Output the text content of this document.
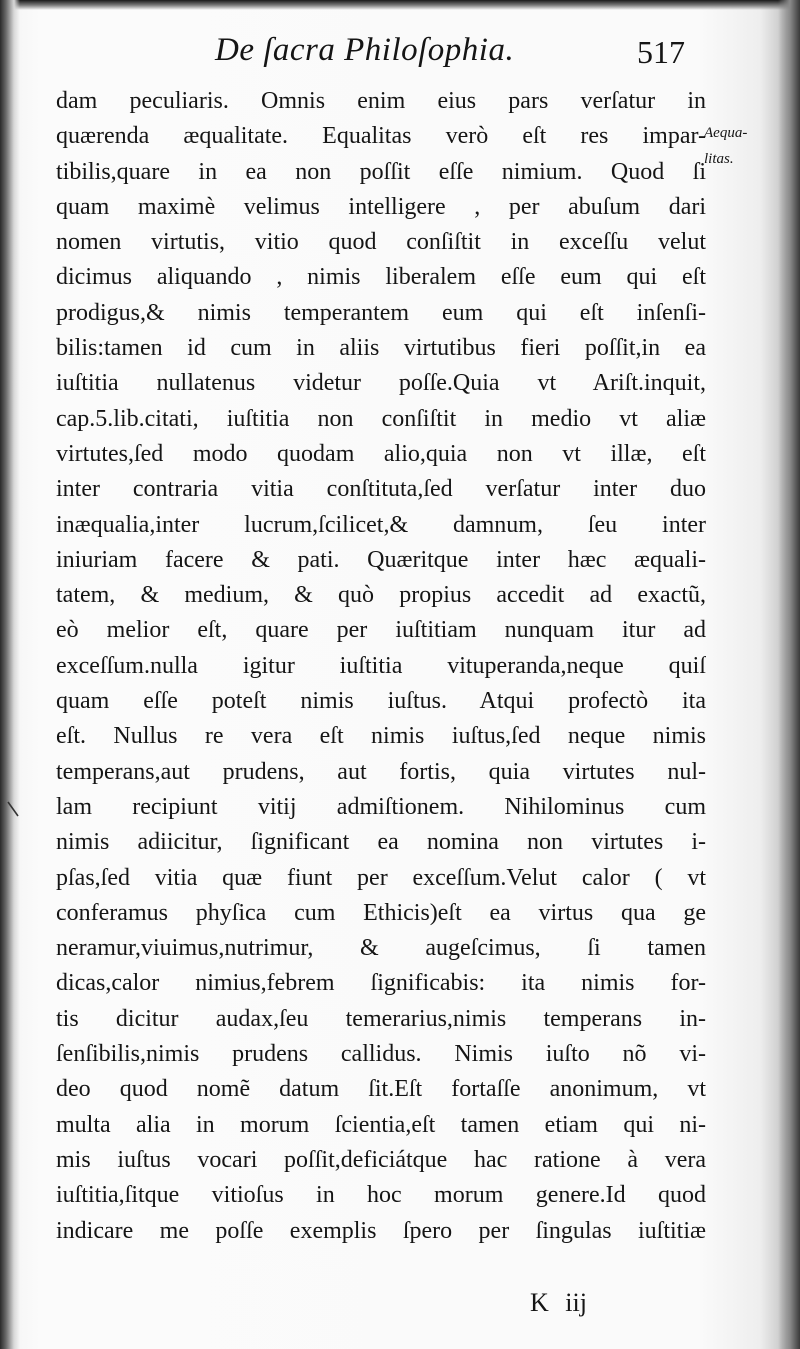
De ſacra Philoſophia.	517
Aequa-
litas.
dam peculiaris. Omnis enim eius pars verſatur in
quærenda æqualitate. Equalitas verò eſt res impar-
tibilis,quare in ea non poſſit eſſe nimium. Quod ſi
quam maximè velimus intelligere , per abuſum dari
nomen virtutis, vitio quod conſiſtit in exceſſu velut
dicimus aliquando , nimis liberalem eſſe eum qui eſt
prodigus,& nimis temperantem eum qui eſt inſenſi-
bilis:tamen id cum in aliis virtutibus fieri poſſit,in ea
iuſtitia nullatenus videtur poſſe.Quia vt Ariſt.inquit,
cap.5.lib.citati, iuſtitia non conſiſtit in medio vt aliæ
virtutes,ſed modo quodam alio,quia non vt illæ, eſt
inter contraria vitia conſtituta,ſed verſatur inter duo
inæqualia,inter lucrum,ſcilicet,& damnum, ſeu inter
iniuriam facere & pati. Quæritque inter hæc æquali-
tatem, & medium, & quò propius accedit ad exactũ,
eò melior eſt, quare per iuſtitiam nunquam itur ad
exceſſum.nulla igitur iuſtitia vituperanda,neque quiſ
quam eſſe poteſt nimis iuſtus. Atqui profectò ita
eſt. Nullus re vera eſt nimis iuſtus,ſed neque nimis
temperans,aut prudens, aut fortis, quia virtutes nul-
lam recipiunt vitij admiſtionem. Nihilominus cum
nimis adiicitur, ſignificant ea nomina non virtutes i-
pſas,ſed vitia quæ fiunt per exceſſum.Velut calor ( vt
conferamus phyſica cum Ethicis)eſt ea virtus qua ge
neramur,viuimus,nutrimur, & augeſcimus, ſi tamen
dicas,calor nimius,febrem ſignificabis: ita nimis for-
tis dicitur audax,ſeu temerarius,nimis temperans in-
ſenſibilis,nimis prudens callidus. Nimis iuſto nõ vi-
deo quod nomẽ datum ſit.Eſt fortaſſe anonimum, vt
multa alia in morum ſcientia,eſt tamen etiam qui ni-
mis iuſtus vocari poſſit,deficiátque hac ratione à vera
iuſtitia,ſitque vitioſus in hoc morum genere.Id quod
indicare me poſſe exemplis ſpero per ſingulas iuſtitiæ
K iij
